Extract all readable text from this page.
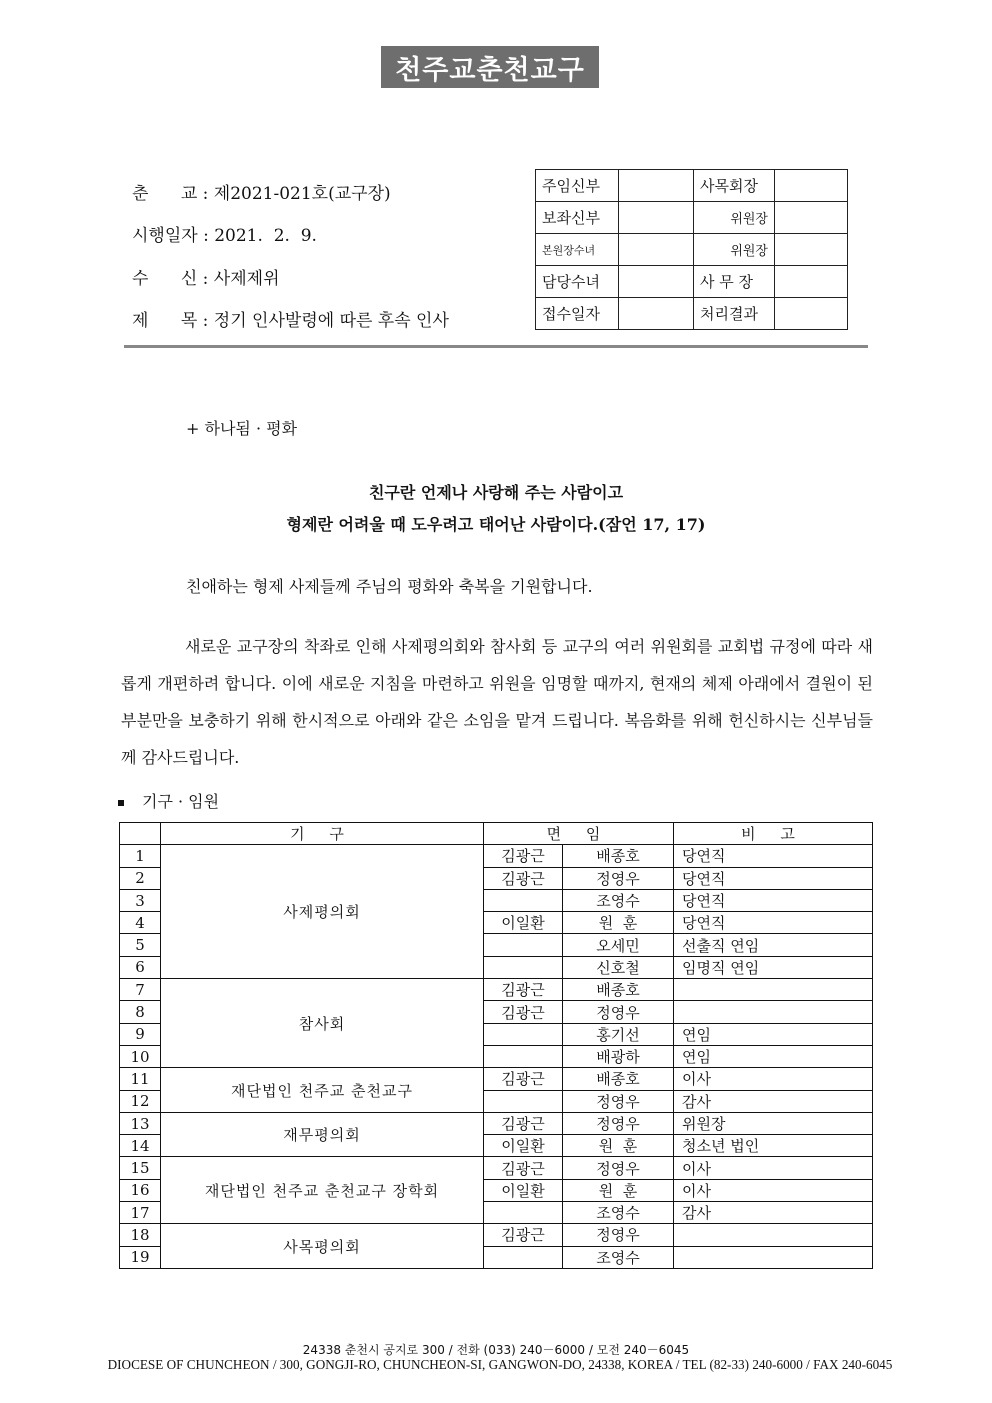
천주교춘천교구
춘      교 : 제2021-021호(교구장)
시행일자 : 2021.  2.  9.
수      신 : 사제제위
제      목 : 정기 인사발령에 따른 후속 인사
주임신부		사목회장	
보좌신부		위원장	
본원장수녀		위원장	
담당수녀		사 무 장	
접수일자		처리결과	
+ 하나됨 · 평화
친구란 언제나 사랑해 주는 사람이고
형제란 어려울 때 도우려고 태어난 사람이다.(잠언 17, 17)
친애하는 형제 사제들께 주님의 평화와 축복을 기원합니다.
새로운 교구장의 착좌로 인해 사제평의회와 참사회 등 교구의 여러 위원회를 교회법 규정에 따라 새롭게 개편하려 합니다. 이에 새로운 지침을 마련하고 위원을 임명할 때까지, 현재의 체제 아래에서 결원이 된 부분만을 보충하기 위해 한시적으로 아래와 같은 소임을 맡겨 드립니다. 복음화를 위해 헌신하시는 신부님들께 감사드립니다.
기구 · 임원
	기 구	면 임		비 고
1	사제평의회	김광근	배종호	당연직
2		김광근	정영우	당연직
3			조영수	당연직
4		이일환	원  훈	당연직
5			오세민	선출직 연임
6			신호철	임명직 연임
7	참사회	김광근	배종호	
8		김광근	정영우	
9			홍기선	연임
10			배광하	연임
11	재단법인 천주교 춘천교구	김광근	배종호	이사
12			정영우	감사
13	재무평의회	김광근	정영우	위원장
14		이일환	원  훈	청소년 법인
15	재단법인 천주교 춘천교구 장학회	김광근	정영우	이사
16		이일환	원  훈	이사
17			조영수	감사
18	사목평의회	김광근	정영우	
19			조영수	
24338 춘천시 공지로 300 / 전화 (033) 240－6000 / 모전 240－6045
DIOCESE OF CHUNCHEON / 300, GONGJI-RO, CHUNCHEON-SI, GANGWON-DO, 24338, KOREA / TEL (82-33) 240-6000 / FAX 240-6045
